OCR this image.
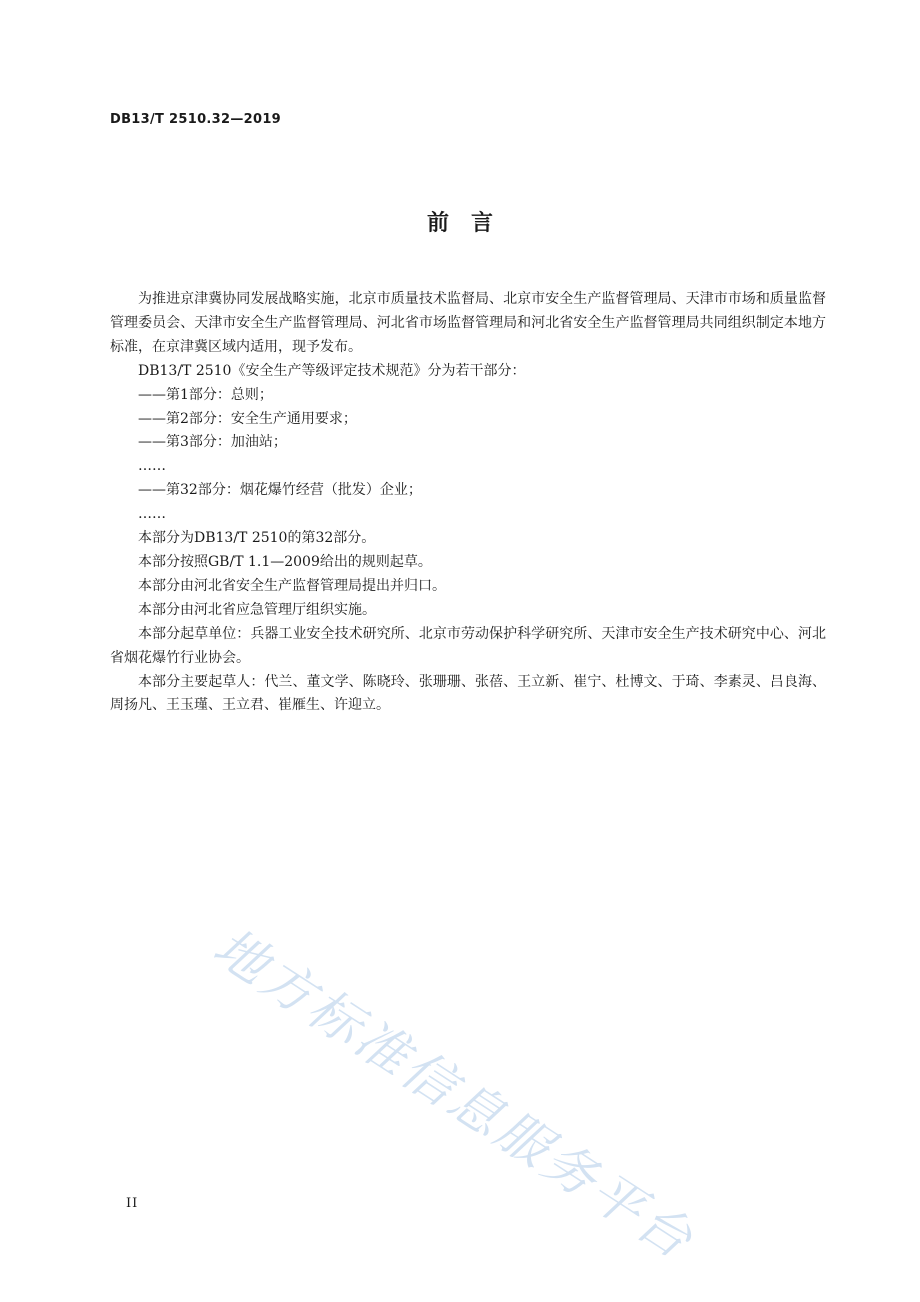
DB13/T 2510.32—2019
前言

为推进京津冀协同发展战略实施，北京市质量技术监督局、北京市安全生产监督管理局、天津市市场和质量监督管理委员会、天津市安全生产监督管理局、河北省市场监督管理局和河北省安全生产监督管理局共同组织制定本地方标准，在京津冀区域内适用，现予发布。

DB13/T 2510《安全生产等级评定技术规范》分为若干部分：

——第1部分：总则；

——第2部分：安全生产通用要求；

——第3部分：加油站；

……

——第32部分：烟花爆竹经营（批发）企业；

……

本部分为DB13/T 2510的第32部分。

本部分按照GB/T 1.1—2009给出的规则起草。

本部分由河北省安全生产监督管理局提出并归口。

本部分由河北省应急管理厅组织实施。

本部分起草单位：兵器工业安全技术研究所、北京市劳动保护科学研究所、天津市安全生产技术研究中心、河北省烟花爆竹行业协会。

本部分主要起草人：代兰、董文学、陈晓玲、张珊珊、张蓓、王立新、崔宁、杜博文、于琦、李素灵、吕良海、周扬凡、王玉瑾、王立君、崔雁生、许迎立。

地方标准信息服务平台
II
